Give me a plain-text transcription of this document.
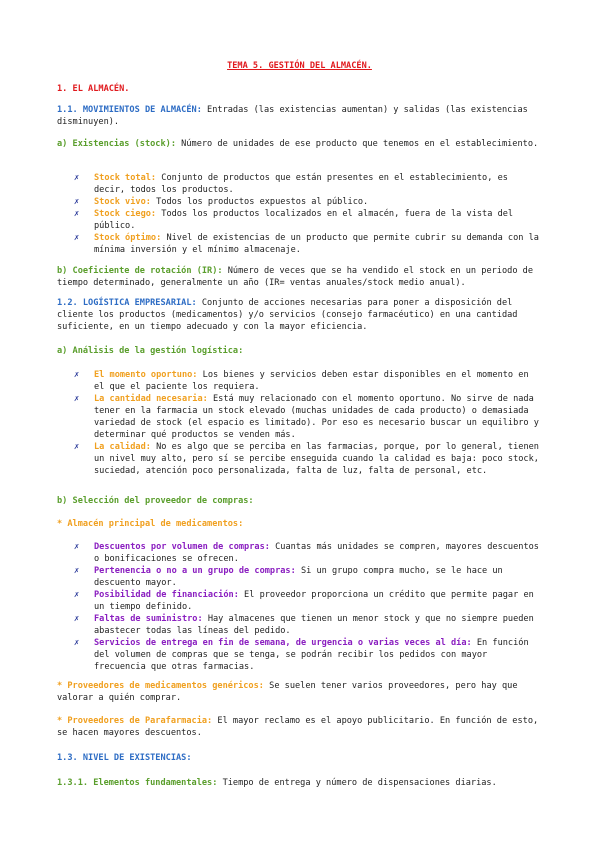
TEMA 5. GESTIÓN DEL ALMACÉN.
1. EL ALMACÉN.
1.1. MOVIMIENTOS DE ALMACÉN: Entradas (las existencias aumentan) y salidas (las existencias disminuyen).
a) Existencias (stock): Número de unidades de ese producto que tenemos en el establecimiento.
✗ Stock total: Conjunto de productos que están presentes en el establecimiento, es decir, todos los productos.
✗ Stock vivo: Todos los productos expuestos al público.
✗ Stock ciego: Todos los productos localizados en el almacén, fuera de la vista del público.
✗ Stock óptimo: Nivel de existencias de un producto que permite cubrir su demanda con la mínima inversión y el mínimo almacenaje.
b) Coeficiente de rotación (IR): Número de veces que se ha vendido el stock en un periodo de tiempo determinado, generalmente un año (IR= ventas anuales/stock medio anual).
1.2. LOGÍSTICA EMPRESARIAL: Conjunto de acciones necesarias para poner a disposición del cliente los productos (medicamentos) y/o servicios (consejo farmacéutico) en una cantidad suficiente, en un tiempo adecuado y con la mayor eficiencia.
a) Análisis de la gestión logística:
✗ El momento oportuno: Los bienes y servicios deben estar disponibles en el momento en el que el paciente los requiera.
✗ La cantidad necesaria: Está muy relacionado con el momento oportuno. No sirve de nada tener en la farmacia un stock elevado (muchas unidades de cada producto) o demasiada variedad de stock (el espacio es limitado). Por eso es necesario buscar un equilibro y determinar qué productos se venden más.
✗ La calidad: No es algo que se perciba en las farmacias, porque, por lo general, tienen un nivel muy alto, pero sí se percibe enseguida cuando la calidad es baja: poco stock, suciedad, atención poco personalizada, falta de luz, falta de personal, etc.
b) Selección del proveedor de compras:
* Almacén principal de medicamentos:
✗ Descuentos por volumen de compras: Cuantas más unidades se compren, mayores descuentos o bonificaciones se ofrecen.
✗ Pertenencia o no a un grupo de compras: Si un grupo compra mucho, se le hace un descuento mayor.
✗ Posibilidad de financiación: El proveedor proporciona un crédito que permite pagar en un tiempo definido.
✗ Faltas de suministro: Hay almacenes que tienen un menor stock y que no siempre pueden abastecer todas las líneas del pedido.
✗ Servicios de entrega en fin de semana, de urgencia o varias veces al día: En función del volumen de compras que se tenga, se podrán recibir los pedidos con mayor frecuencia que otras farmacias.
* Proveedores de medicamentos genéricos: Se suelen tener varios proveedores, pero hay que valorar a quién comprar.
* Proveedores de Parafarmacia: El mayor reclamo es el apoyo publicitario. En función de esto, se hacen mayores descuentos.
1.3. NIVEL DE EXISTENCIAS:
1.3.1. Elementos fundamentales: Tiempo de entrega y número de dispensaciones diarias.
